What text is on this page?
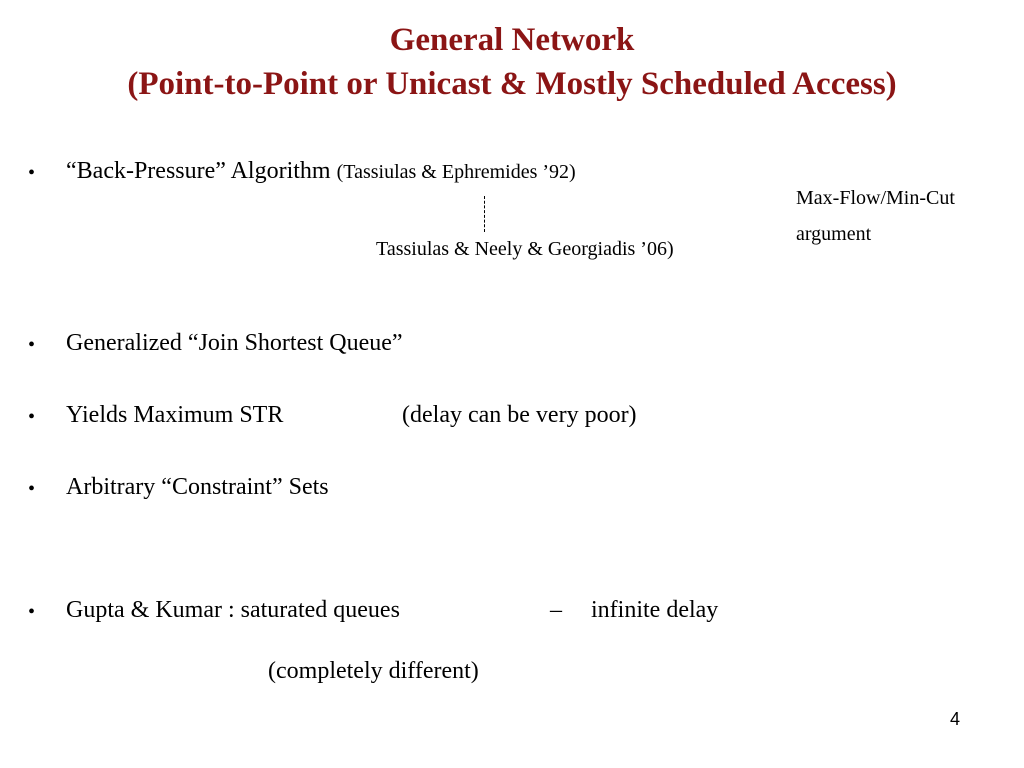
General Network
(Point-to-Point or Unicast & Mostly Scheduled Access)
• “Back-Pressure” Algorithm (Tassiulas & Ephremides ’92)
Tassiulas & Neely & Georgiadis ’06)
Max-Flow/Min-Cut
argument
• Generalized “Join Shortest Queue”
• Yields Maximum STR	(delay can be very poor)
• Arbitrary “Constraint” Sets
• Gupta & Kumar : saturated queues	– infinite delay
(completely different)
4
